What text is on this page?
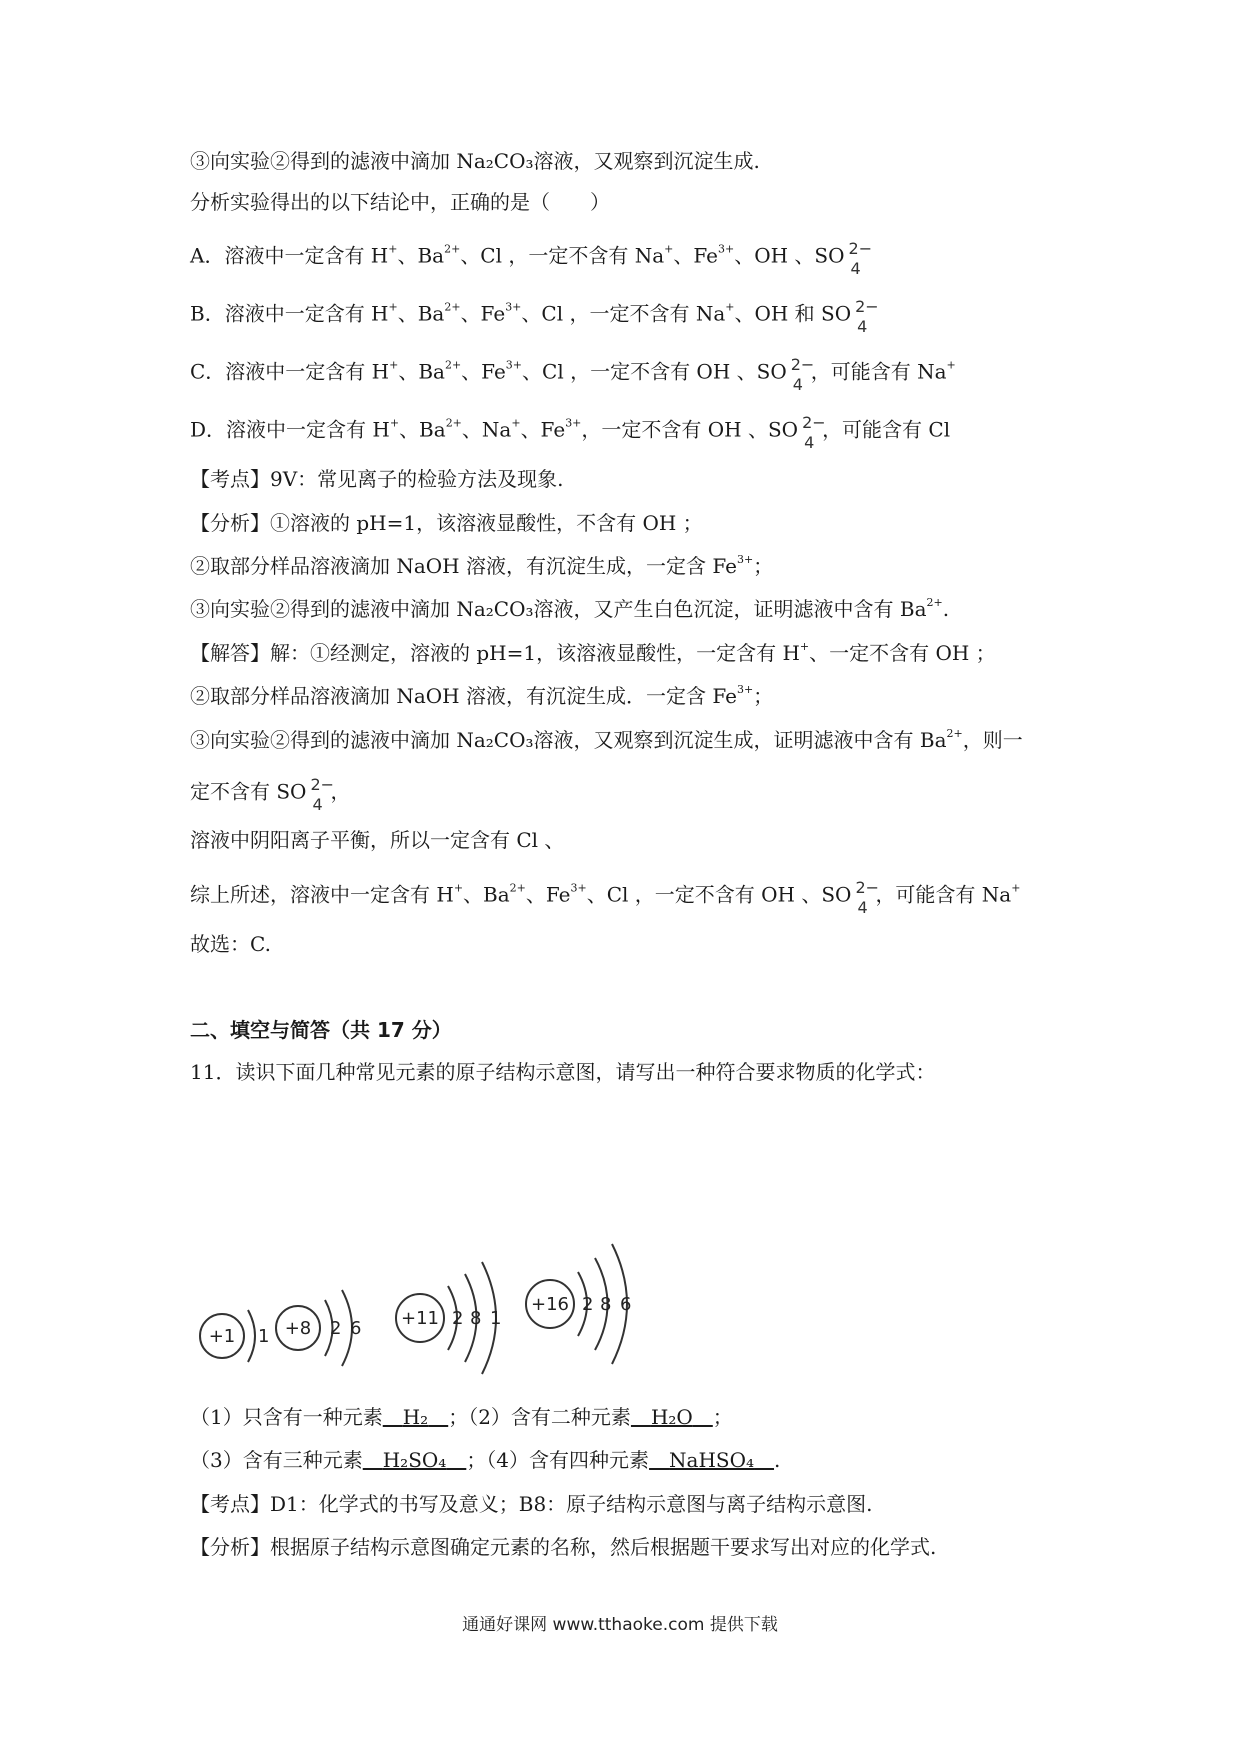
③向实验②得到的滤液中滴加 Na₂CO₃溶液，又观察到沉淀生成.
分析实验得出的以下结论中，正确的是（　　）
A．溶液中一定含有 H+、$Ba^{2+}$、Cl ，一定不含有 Na+、$Fe^{3+}$、OH 、SO 2−
4
B．溶液中一定含有 H+、$Ba^{2+}$、$Fe^{3+}$、Cl ，一定不含有 Na+、OH 和 SO 2−
4
C．溶液中一定含有 H+、$Ba^{2+}$、$Fe^{3+}$、Cl ，一定不含有 OH 、SO 2−
4
，可能含有 Na+
D．溶液中一定含有 H+、$Ba^{2+}$、Na+、$Fe^{3+}$，一定不含有 OH 、SO 2−
4
，可能含有 Cl
【考点】9V：常见离子的检验方法及现象.
【分析】①溶液的 pH=1，该溶液显酸性，不含有 OH ；
②取部分样品溶液滴加 NaOH 溶液，有沉淀生成，一定含 $Fe^{3+}$；
③向实验②得到的滤液中滴加 Na₂CO₃溶液，又产生白色沉淀，证明滤液中含有 $Ba^{2+}$.
【解答】解：①经测定，溶液的 pH=1，该溶液显酸性，一定含有 H+、一定不含有 OH ；
②取部分样品溶液滴加 NaOH 溶液，有沉淀生成．一定含 $Fe^{3+}$；
③向实验②得到的滤液中滴加 Na₂CO₃溶液，又观察到沉淀生成，证明滤液中含有 $Ba^{2+}$，则一
定不含有 SO 2−
4
，
溶液中阴阳离子平衡，所以一定含有 Cl 、
综上所述，溶液中一定含有 H+、$Ba^{2+}$、$Fe^{3+}$、Cl ，一定不含有 OH 、SO 2−
4
，可能含有 Na+
故选：C.
二、填空与简答（共 17 分）
11．读识下面几种常见元素的原子结构示意图，请写出一种符合要求物质的化学式：
+1 1 +8 2 6 +11 2 8 1
+16 2 8 6
（1）只含有一种元素  H₂  ；（2）含有二种元素  H₂O  ；
（3）含有三种元素  H₂SO₄  ；（4）含有四种元素  NaHSO₄  .
【考点】D1：化学式的书写及意义；B8：原子结构示意图与离子结构示意图.
【分析】根据原子结构示意图确定元素的名称，然后根据题干要求写出对应的化学式.
通通好课网 www.tthaoke.com 提供下载
